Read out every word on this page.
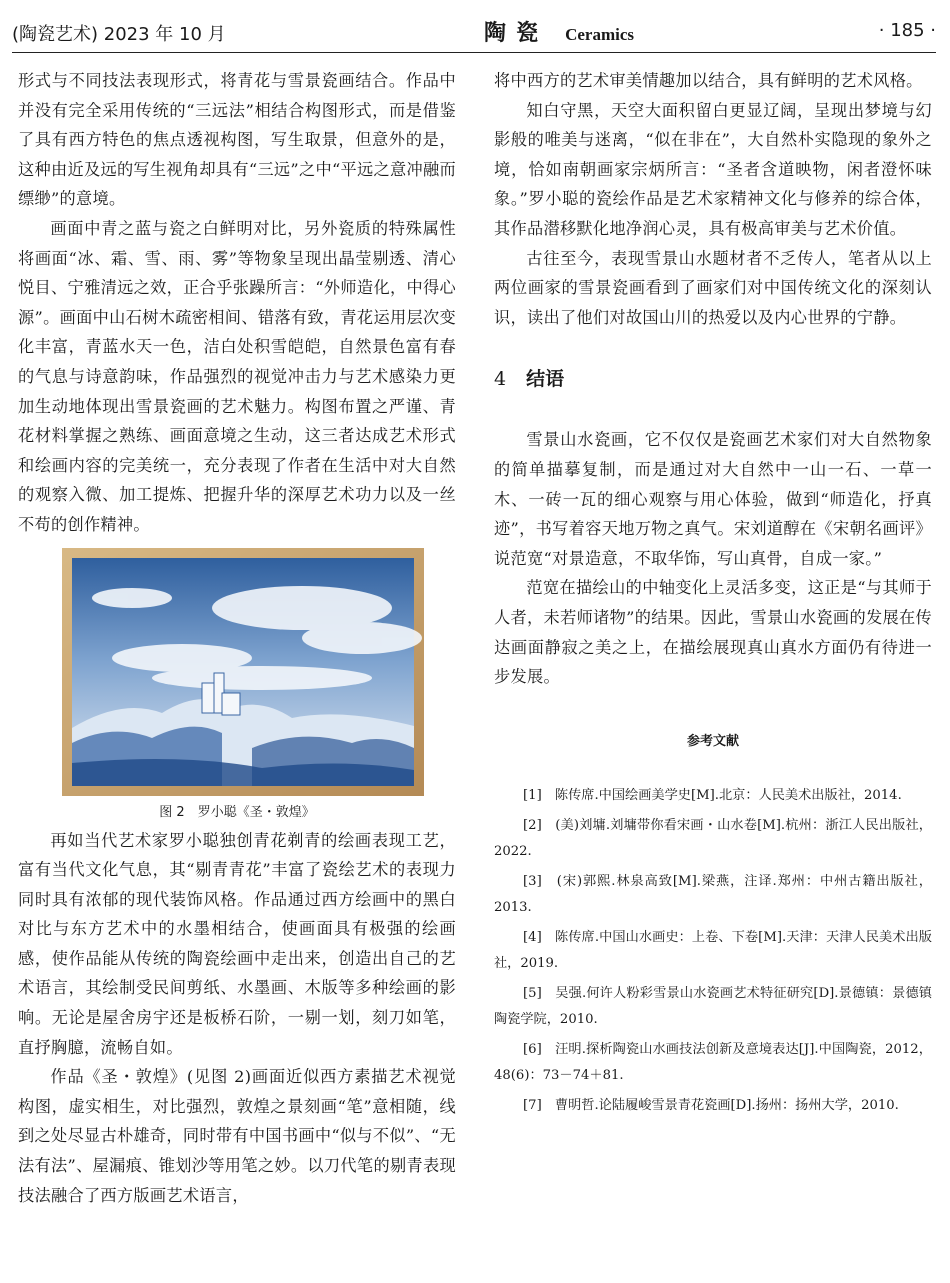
(陶瓷艺术) 2023 年 10 月	陶瓷 Ceramics	· 185 ·

形式与不同技法表现形式，将青花与雪景瓷画结合。作品中并没有完全采用传统的“三远法”相结合构图形式，而是借鉴了具有西方特色的焦点透视构图，写生取景，但意外的是，这种由近及远的写生视角却具有“三远”之中“平远之意冲融而缥缈”的意境。

画面中青之蓝与瓷之白鲜明对比，另外瓷质的特殊属性将画面“冰、霜、雪、雨、雾”等物象呈现出晶莹剔透、清心悦目、宁雅清远之效，正合乎张躁所言：“外师造化，中得心源”。画面中山石树木疏密相间、错落有致，青花运用层次变化丰富，青蓝水天一色，洁白处积雪皑皑，自然景色富有春的气息与诗意韵味，作品强烈的视觉冲击力与艺术感染力更加生动地体现出雪景瓷画的艺术魅力。构图布置之严谨、青花材料掌握之熟练、画面意境之生动，这三者达成艺术形式和绘画内容的完美统一，充分表现了作者在生活中对大自然的观察入微、加工提炼、把握升华的深厚艺术功力以及一丝不苟的创作精神。

图 2　罗小聪《圣・敦煌》

再如当代艺术家罗小聪独创青花剃青的绘画表现工艺，富有当代文化气息，其“剔青青花”丰富了瓷绘艺术的表现力同时具有浓郁的现代装饰风格。作品通过西方绘画中的黑白对比与东方艺术中的水墨相结合，使画面具有极强的绘画感，使作品能从传统的陶瓷绘画中走出来，创造出自己的艺术语言，其绘制受民间剪纸、水墨画、木版等多种绘画的影响。无论是屋舍房宇还是板桥石阶，一剔一划，刻刀如笔，直抒胸臆，流畅自如。

作品《圣・敦煌》(见图 2)画面近似西方素描艺术视觉构图，虚实相生，对比强烈，敦煌之景刻画“笔”意相随，线到之处尽显古朴雄奇，同时带有中国书画中“似与不似”、“无法有法”、屋漏痕、锥划沙等用笔之妙。以刀代笔的剔青表现技法融合了西方版画艺术语言，

将中西方的艺术审美情趣加以结合，具有鲜明的艺术风格。

知白守黑，天空大面积留白更显辽阔，呈现出梦境与幻影般的唯美与迷离，“似在非在”，大自然朴实隐现的象外之境，恰如南朝画家宗炳所言：“圣者含道映物，闲者澄怀味象。”罗小聪的瓷绘作品是艺术家精神文化与修养的综合体，其作品潜移默化地净润心灵，具有极高审美与艺术价值。

古往至今，表现雪景山水题材者不乏传人，笔者从以上两位画家的雪景瓷画看到了画家们对中国传统文化的深刻认识，读出了他们对故国山川的热爱以及内心世界的宁静。

4 结语

雪景山水瓷画，它不仅仅是瓷画艺术家们对大自然物象的简单描摹复制，而是通过对大自然中一山一石、一草一木、一砖一瓦的细心观察与用心体验，做到“师造化，抒真迹”，书写着容天地万物之真气。宋刘道醇在《宋朝名画评》说范宽“对景造意，不取华饰，写山真骨，自成一家。”

范宽在描绘山的中轴变化上灵活多变，这正是“与其师于人者，未若师诸物”的结果。因此，雪景山水瓷画的发展在传达画面静寂之美之上，在描绘展现真山真水方面仍有待进一步发展。

参考文献

[1]　陈传席.中国绘画美学史[M].北京：人民美术出版社，2014.

[2]　(美)刘墉.刘墉带你看宋画・山水卷[M].杭州：浙江人民出版社，2022.

[3]　(宋)郭熙.林泉高致[M].梁燕，注译.郑州：中州古籍出版社，2013.

[4]　陈传席.中国山水画史：上卷、下卷[M].天津：天津人民美术出版社，2019.

[5]　吴强.何许人粉彩雪景山水瓷画艺术特征研究[D].景德镇：景德镇陶瓷学院，2010.

[6]　汪明.探析陶瓷山水画技法创新及意境表达[J].中国陶瓷，2012，48(6)：73－74＋81.

[7]　曹明哲.论陆履峻雪景青花瓷画[D].扬州：扬州大学，2010.
